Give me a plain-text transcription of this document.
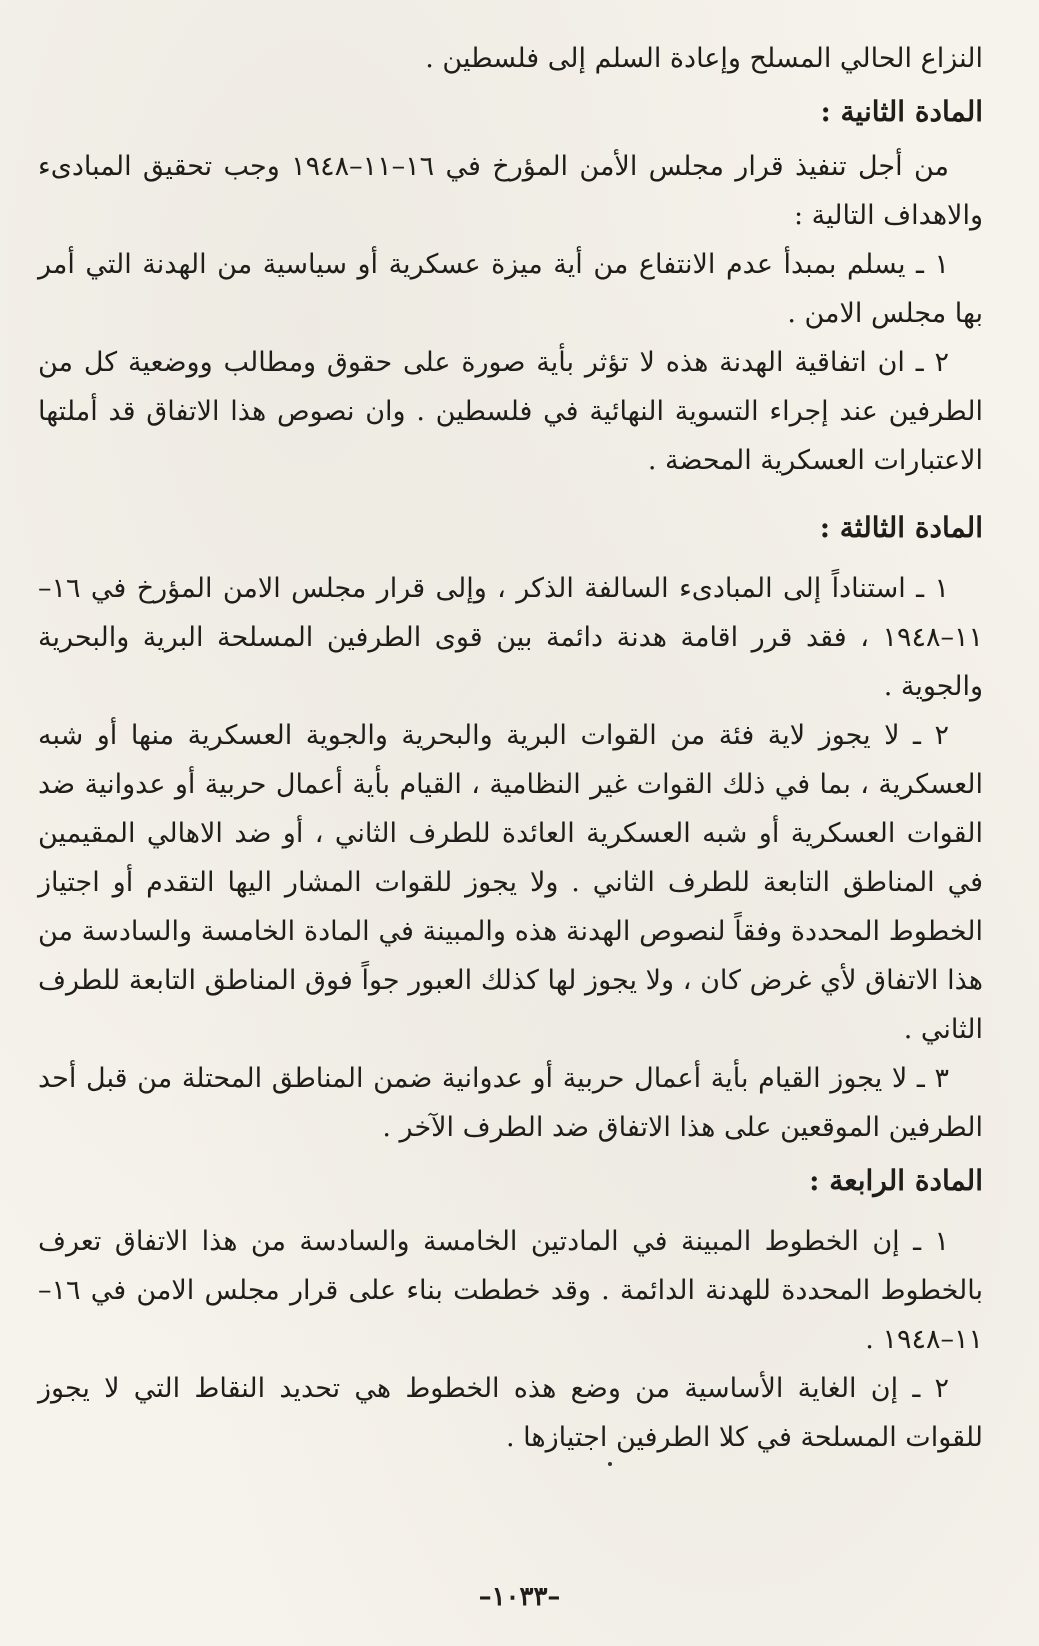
النزاع الحالي المسلح وإعادة السلم إلى فلسطين .

المادة الثانية :

من أجل تنفيذ قرار مجلس الأمن المؤرخ في ١٦–١١–١٩٤٨ وجب تحقيق المبادىء والاهداف التالية :

١ ـ يسلم بمبدأ عدم الانتفاع من أية ميزة عسكرية أو سياسية من الهدنة التي أمر بها مجلس الامن .

٢ ـ ان اتفاقية الهدنة هذه لا تؤثر بأية صورة على حقوق ومطالب ووضعية كل من الطرفين عند إجراء التسوية النهائية في فلسطين . وان نصوص هذا الاتفاق قد أملتها الاعتبارات العسكرية المحضة .

المادة الثالثة :

١ ـ استناداً إلى المبادىء السالفة الذكر ، وإلى قرار مجلس الامن المؤرخ في ١٦–١١–١٩٤٨ ، فقد قرر اقامة هدنة دائمة بين قوى الطرفين المسلحة البرية والبحرية والجوية .

٢ ـ لا يجوز لاية فئة من القوات البرية والبحرية والجوية العسكرية منها أو شبه العسكرية ، بما في ذلك القوات غير النظامية ، القيام بأية أعمال حربية أو عدوانية ضد القوات العسكرية أو شبه العسكرية العائدة للطرف الثاني ، أو ضد الاهالي المقيمين في المناطق التابعة للطرف الثاني . ولا يجوز للقوات المشار اليها التقدم أو اجتياز الخطوط المحددة وفقاً لنصوص الهدنة هذه والمبينة في المادة الخامسة والسادسة من هذا الاتفاق لأي غرض كان ، ولا يجوز لها كذلك العبور جواً فوق المناطق التابعة للطرف الثاني .

٣ ـ لا يجوز القيام بأية أعمال حربية أو عدوانية ضمن المناطق المحتلة من قبل أحد الطرفين الموقعين على هذا الاتفاق ضد الطرف الآخر .

المادة الرابعة :

١ ـ إن الخطوط المبينة في المادتين الخامسة والسادسة من هذا الاتفاق تعرف بالخطوط المحددة للهدنة الدائمة . وقد خططت بناء على قرار مجلس الامن في ١٦–١١–١٩٤٨ .

٢ ـ إن الغاية الأساسية من وضع هذه الخطوط هي تحديد النقاط التي لا يجوز للقوات المسلحة في كلا الطرفين اجتيازها .

–١٠٣٣–
